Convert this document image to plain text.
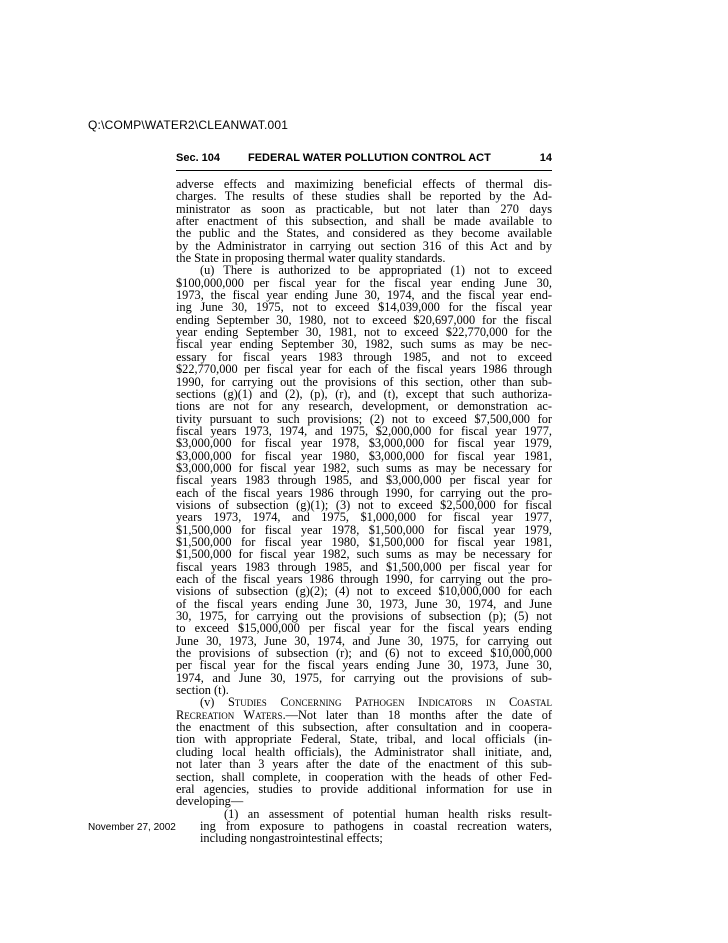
Q:\COMP\WATER2\CLEANWAT.001
Sec. 104	FEDERAL WATER POLLUTION CONTROL ACT	14
adverse effects and maximizing beneficial effects of thermal dis-
charges. The results of these studies shall be reported by the Ad-
ministrator as soon as practicable, but not later than 270 days
after enactment of this subsection, and shall be made available to
the public and the States, and considered as they become available
by the Administrator in carrying out section 316 of this Act and by
the State in proposing thermal water quality standards.
(u) There is authorized to be appropriated (1) not to exceed
$100,000,000 per fiscal year for the fiscal year ending June 30,
1973, the fiscal year ending June 30, 1974, and the fiscal year end-
ing June 30, 1975, not to exceed $14,039,000 for the fiscal year
ending September 30, 1980, not to exceed $20,697,000 for the fiscal
year ending September 30, 1981, not to exceed $22,770,000 for the
fiscal year ending September 30, 1982, such sums as may be nec-
essary for fiscal years 1983 through 1985, and not to exceed
$22,770,000 per fiscal year for each of the fiscal years 1986 through
1990, for carrying out the provisions of this section, other than sub-
sections (g)(1) and (2), (p), (r), and (t), except that such authoriza-
tions are not for any research, development, or demonstration ac-
tivity pursuant to such provisions; (2) not to exceed $7,500,000 for
fiscal years 1973, 1974, and 1975, $2,000,000 for fiscal year 1977,
$3,000,000 for fiscal year 1978, $3,000,000 for fiscal year 1979,
$3,000,000 for fiscal year 1980, $3,000,000 for fiscal year 1981,
$3,000,000 for fiscal year 1982, such sums as may be necessary for
fiscal years 1983 through 1985, and $3,000,000 per fiscal year for
each of the fiscal years 1986 through 1990, for carrying out the pro-
visions of subsection (g)(1); (3) not to exceed $2,500,000 for fiscal
years 1973, 1974, and 1975, $1,000,000 for fiscal year 1977,
$1,500,000 for fiscal year 1978, $1,500,000 for fiscal year 1979,
$1,500,000 for fiscal year 1980, $1,500,000 for fiscal year 1981,
$1,500,000 for fiscal year 1982, such sums as may be necessary for
fiscal years 1983 through 1985, and $1,500,000 per fiscal year for
each of the fiscal years 1986 through 1990, for carrying out the pro-
visions of subsection (g)(2); (4) not to exceed $10,000,000 for each
of the fiscal years ending June 30, 1973, June 30, 1974, and June
30, 1975, for carrying out the provisions of subsection (p); (5) not
to exceed $15,000,000 per fiscal year for the fiscal years ending
June 30, 1973, June 30, 1974, and June 30, 1975, for carrying out
the provisions of subsection (r); and (6) not to exceed $10,000,000
per fiscal year for the fiscal years ending June 30, 1973, June 30,
1974, and June 30, 1975, for carrying out the provisions of sub-
section (t).
(v) Studies Concerning Pathogen Indicators in Coastal
Recreation Waters.—Not later than 18 months after the date of
the enactment of this subsection, after consultation and in coopera-
tion with appropriate Federal, State, tribal, and local officials (in-
cluding local health officials), the Administrator shall initiate, and,
not later than 3 years after the date of the enactment of this sub-
section, shall complete, in cooperation with the heads of other Fed-
eral agencies, studies to provide additional information for use in
developing—
(1) an assessment of potential human health risks result-
ing from exposure to pathogens in coastal recreation waters,
including nongastrointestinal effects;
November 27, 2002
